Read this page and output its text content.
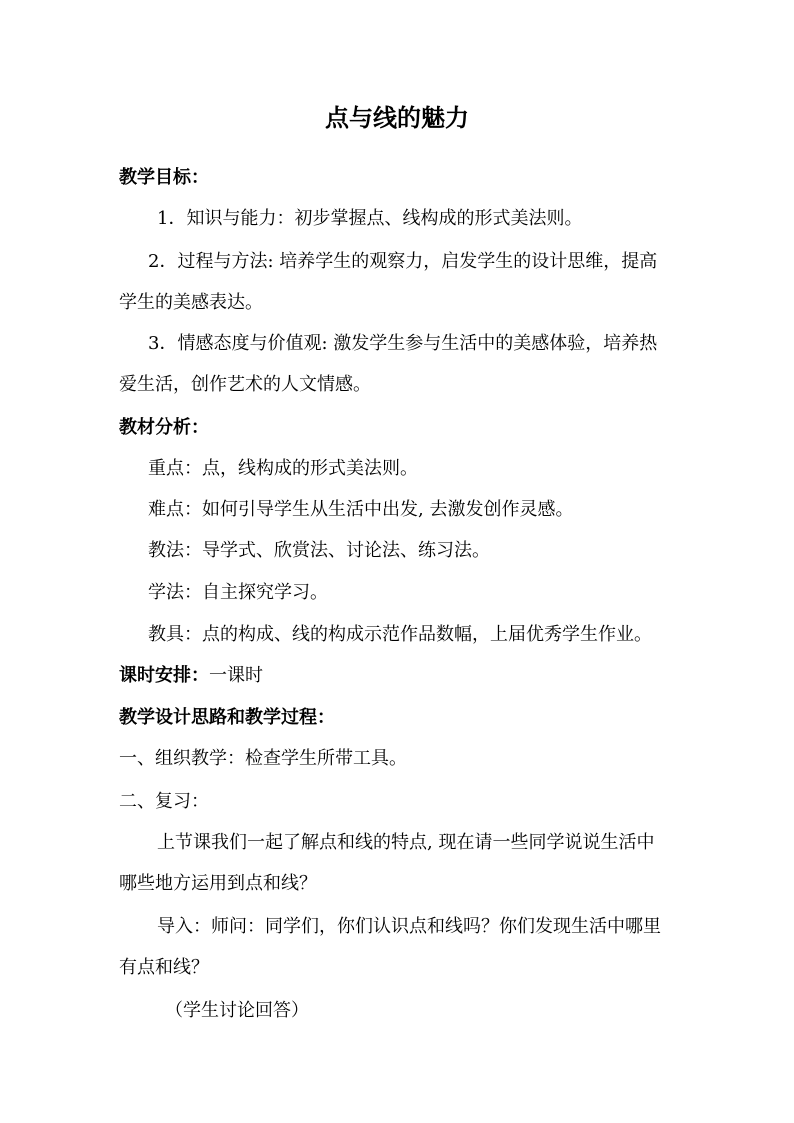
点与线的魅力
教学目标：
1．知识与能力：初步掌握点、线构成的形式美法则。
2．过程与方法: 培养学生的观察力，启发学生的设计思维，提高
学生的美感表达。
3．情感态度与价值观: 激发学生参与生活中的美感体验，培养热
爱生活，创作艺术的人文情感。
教材分析：
重点：点，线构成的形式美法则。
难点：如何引导学生从生活中出发, 去激发创作灵感。
教法：导学式、欣赏法、讨论法、练习法。
学法：自主探究学习。
教具：点的构成、线的构成示范作品数幅，上届优秀学生作业。
课时安排：一课时
教学设计思路和教学过程：
一、组织教学：检查学生所带工具。
二、复习：
上节课我们一起了解点和线的特点, 现在请一些同学说说生活中
哪些地方运用到点和线？
导入：师问：同学们，你们认识点和线吗？你们发现生活中哪里
有点和线？
（学生讨论回答）
